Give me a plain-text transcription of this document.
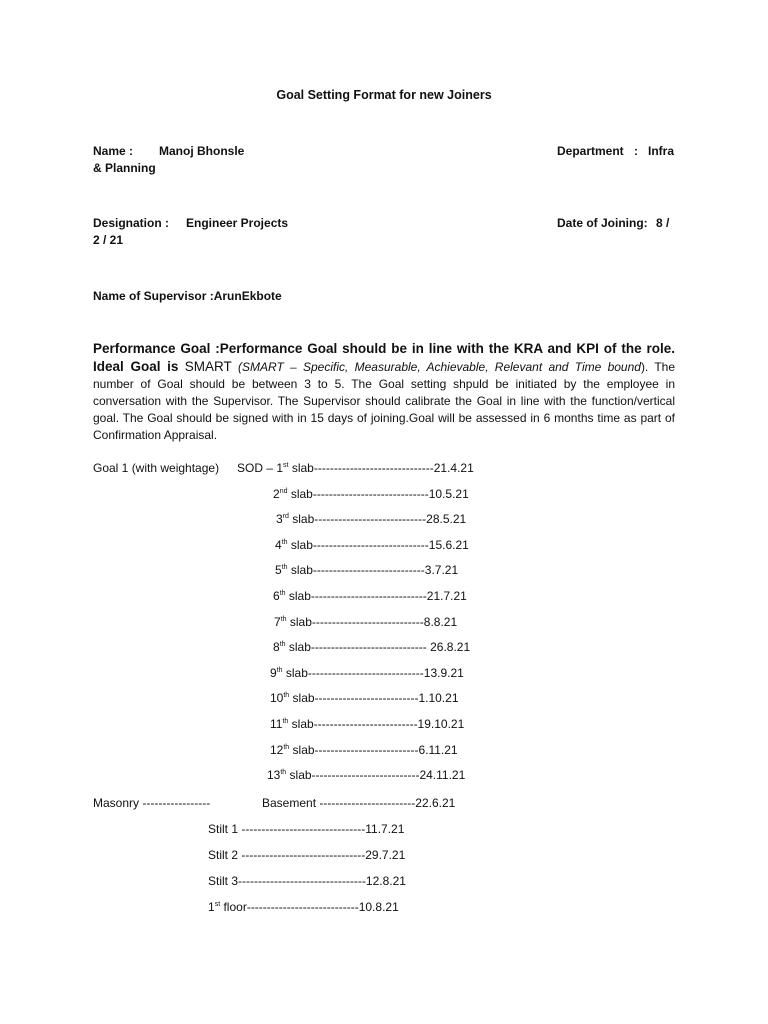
Goal Setting Format for new Joiners
Name : Manoj Bhonsle	Department : Infra
& Planning
Designation : Engineer Projects	Date of Joining: 8 /
2 / 21
Name of Supervisor :ArunEkbote
Performance Goal :Performance Goal should be in line with the KRA and KPI of the role. Ideal Goal is SMART (SMART – Specific, Measurable, Achievable, Relevant and Time bound). The number of Goal should be between 3 to 5. The Goal setting shpuld be initiated by the employee in conversation with the Supervisor. The Supervisor should calibrate the Goal in line with the function/vertical goal. The Goal should be signed with in 15 days of joining.Goal will be assessed in 6 months time as part of Confirmation Appraisal.
Goal 1 (with weightage) SOD – 1st slab------------------------------21.4.21
2nd slab-----------------------------10.5.21
3rd slab----------------------------28.5.21
4th slab-----------------------------15.6.21
5th slab----------------------------3.7.21
6th slab-----------------------------21.7.21
7th slab----------------------------8.8.21
8th slab----------------------------- 26.8.21
9th slab-----------------------------13.9.21
10th slab--------------------------1.10.21
11th slab--------------------------19.10.21
12th slab--------------------------6.11.21
13th slab---------------------------24.11.21
Masonry -----------------	Basement ------------------------22.6.21
Stilt 1 -------------------------------11.7.21
Stilt 2 -------------------------------29.7.21
Stilt 3--------------------------------12.8.21
1st floor----------------------------10.8.21
